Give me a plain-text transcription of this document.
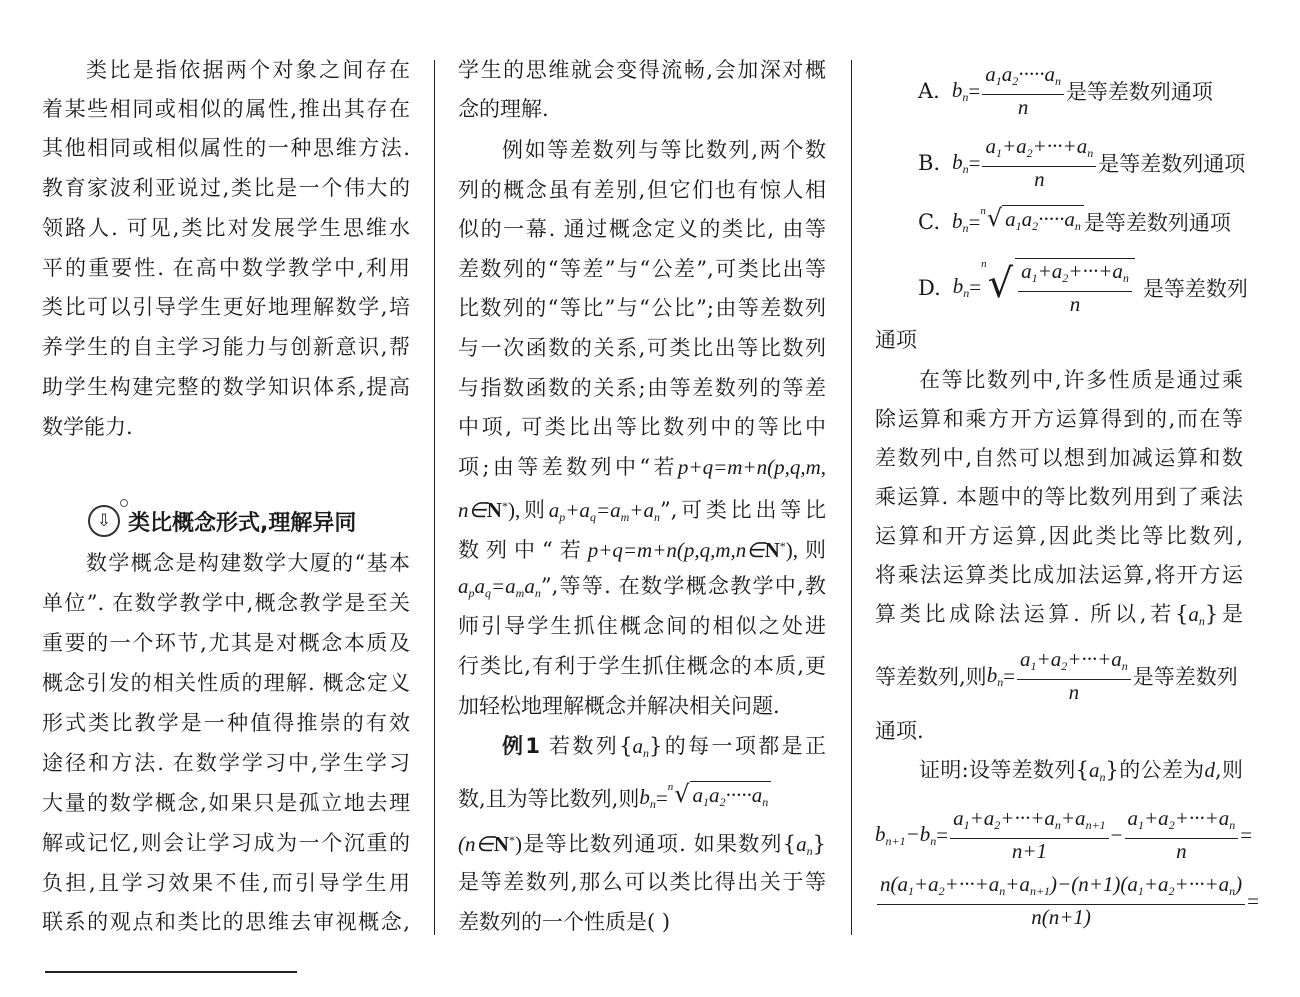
类比是指依据两个对象之间存在
着某些相同或相似的属性,推出其存在
其他相同或相似属性的一种思维方法.
教育家波利亚说过,类比是一个伟大的
领路人. 可见,类比对发展学生思维水
平的重要性. 在高中数学教学中,利用
类比可以引导学生更好地理解数学,培
养学生的自主学习能力与创新意识,帮
助学生构建完整的数学知识体系,提高
数学能力.
⇩ 类比概念形式,理解异同
数学概念是构建数学大厦的“基本
单位”. 在数学教学中,概念教学是至关
重要的一个环节,尤其是对概念本质及
概念引发的相关性质的理解. 概念定义
形式类比教学是一种值得推崇的有效
途径和方法. 在数学学习中,学生学习
大量的数学概念,如果只是孤立地去理
解或记忆,则会让学习成为一个沉重的
负担,且学习效果不佳,而引导学生用
联系的观点和类比的思维去审视概念,
学生的思维就会变得流畅,会加深对概
念的理解.
例如等差数列与等比数列,两个数
列的概念虽有差别,但它们也有惊人相
似的一幕. 通过概念定义的类比, 由等
差数列的“等差”与“公差”,可类比出等
比数列的“等比”与“公比”;由等差数列
与一次函数的关系,可类比出等比数列
与指数函数的关系;由等差数列的等差
中项, 可类比出等比数列中的等比中
项;由等差数列中“若p+q=m+n(p,q,m,
n∈N*),则$a_p+a_q=a_m+a_n$”,可类比出等比
数列中“若p+q=m+n(p,q,m,n∈N*),则
$a_pa_q=a_ma_n$”,等等. 在数学概念教学中,教
师引导学生抓住概念间的相似之处进
行类比,有利于学生抓住概念的本质,更
加轻松地理解概念并解决相关问题.
例1 若数列$\{a_n\}$的每一项都是正
数,且为等比数列,则 $b_n = n$ √ $a_1a_2\cdot\cdot\cdot\cdot\cdot a_n$
(n∈N*)是等比数列通项. 如果数列$\{a_n\}$
是等差数列,那么可以类比得出关于等
差数列的一个性质是( )
A. $b_n = \frac{a_1a_2\cdot\cdot\cdot\cdot\cdot a_n}{n}$ 是等差数列通项
B. $b_n = \frac{a_1+a_2+\cdot\cdot\cdot+a_n}{n}$ 是等差数列通项
C. $b_n = n$ √ $a_1a_2\cdot\cdot\cdot\cdot\cdot a_n$ 是等差数列通项
D. $b_n$ =
n √ $\frac{a_1+a_2+\cdot\cdot\cdot+a_n}{n}$ 是等差数列
通项
在等比数列中,许多性质是通过乘
除运算和乘方开方运算得到的,而在等
差数列中,自然可以想到加减运算和数
乘运算. 本题中的等比数列用到了乘法
运算和开方运算,因此类比等比数列,
将乘法运算类比成加法运算,将开方运
算类比成除法运算. 所以,若$\{a_n\}$是
等差数列,则 $b_n = \frac{a_1+a_2+\cdot\cdot\cdot+a_n}{n}$ 是等差数列
通项.
证明:设等差数列$\{a_n\}$的公差为d,则
$b_{n+1}-b_n = \frac{a_1+a_2+\cdot\cdot\cdot+a_n+a_{n+1}}{n+1} - \frac{a_1+a_2+\cdot\cdot\cdot+a_n}{n}$ =
$\frac{n(a_1+a_2+\cdot\cdot\cdot+a_n+a_{n+1})-(n+1)(a_1+a_2+\cdot\cdot\cdot+a_n)}{n(n+1)}$ =
